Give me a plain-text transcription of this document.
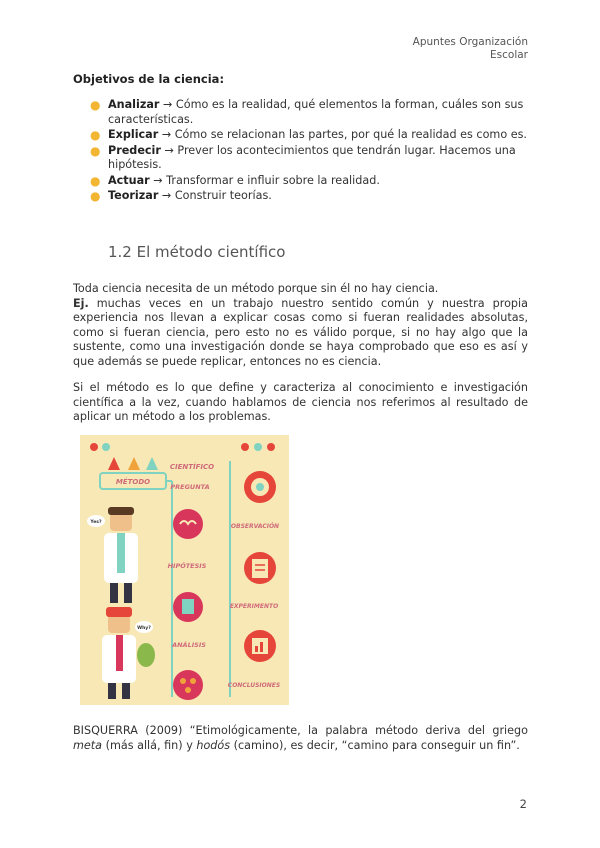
Apuntes Organización
Escolar
Objetivos de la ciencia:
● Analizar → Cómo es la realidad, qué elementos la forman, cuáles son sus características.
● Explicar → Cómo se relacionan las partes, por qué la realidad es como es.
● Predecir → Prever los acontecimientos que tendrán lugar. Hacemos una hipótesis.
● Actuar → Transformar e influir sobre la realidad.
● Teorizar → Construir teorías.
1.2 El método científico

Toda ciencia necesita de un método porque sin él no hay ciencia.
Ej. muchas veces en un trabajo nuestro sentido común y nuestra propia experiencia nos llevan a explicar cosas como si fueran realidades absolutas, como si fueran ciencia, pero esto no es válido porque, si no hay algo que la sustente, como una investigación donde se haya comprobado que eso es así y que además se puede replicar, entonces no es ciencia.

Si el método es lo que define y caracteriza al conocimiento e investigación científica a la vez, cuando hablamos de ciencia nos referimos al resultado de aplicar un método a los problemas.

MÉTODO
CIENTÍFICO
PREGUNTA
OBSERVACIÓN
HIPÓTESIS
EXPERIMENTO
ANÁLISIS
CONCLUSIONES
Yes?
Why?

BISQUERRA (2009) “Etimológicamente, la palabra método deriva del griego meta (más allá, fin) y hodós (camino), es decir, “camino para conseguir un fin”.

2
